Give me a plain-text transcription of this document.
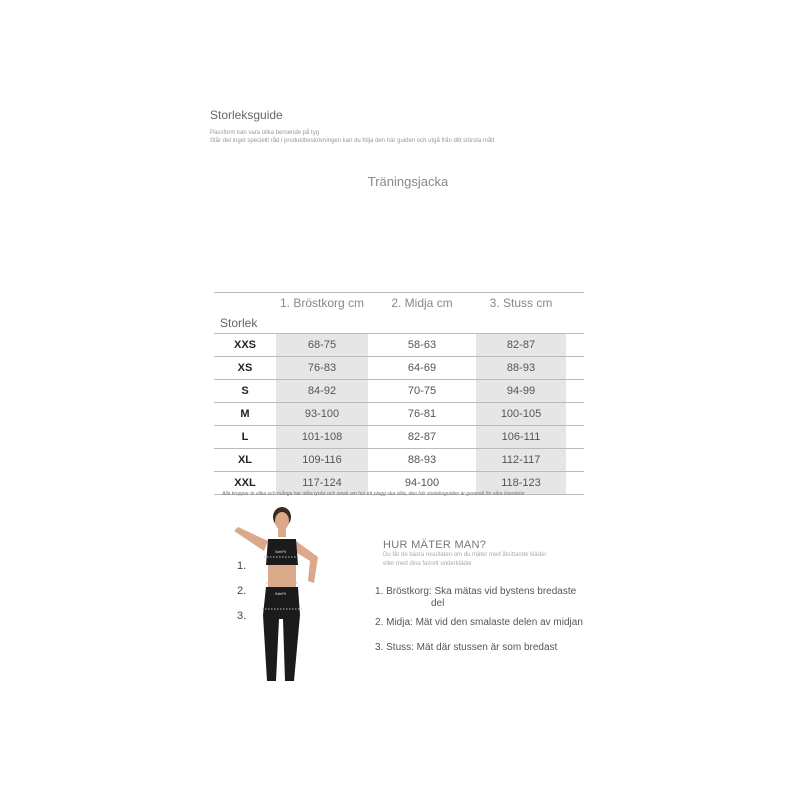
Storleksguide
Passform kan vara olika beroende på tyg
Står det inget speciellt råd i produktbeskrivningen kan du följa den här guiden och utgå från ditt största mått
Träningsjacka
	1. Bröstkorg cm	2. Midja cm	3. Stuss cm	
Storlek				
XXS	68-75	58-63	82-87	
XS	76-83	64-69	88-93	
S	84-92	70-75	94-99	
M	93-100	76-81	100-105	
L	101-108	82-87	106-111	
XL	109-116	88-93	112-117	
XXL	117-124	94-100	118-123	
Alla kroppar är olika och många har olika tycke och smak om hur ett plagg ska sitta, den här storleksguiden är generell för våra överdelar
SafeFit
SafeFit
1.
2.
3.
HUR MÄTER MAN?
Du får de bästa resultaten om du mäter med åtsittande kläder
eller med dina favorit underkläder
1. Bröstkorg: Ska mätas vid bystens bredaste
del
2. Midja: Mät vid den smalaste delen av midjan
3. Stuss: Mät där stussen är som bredast
